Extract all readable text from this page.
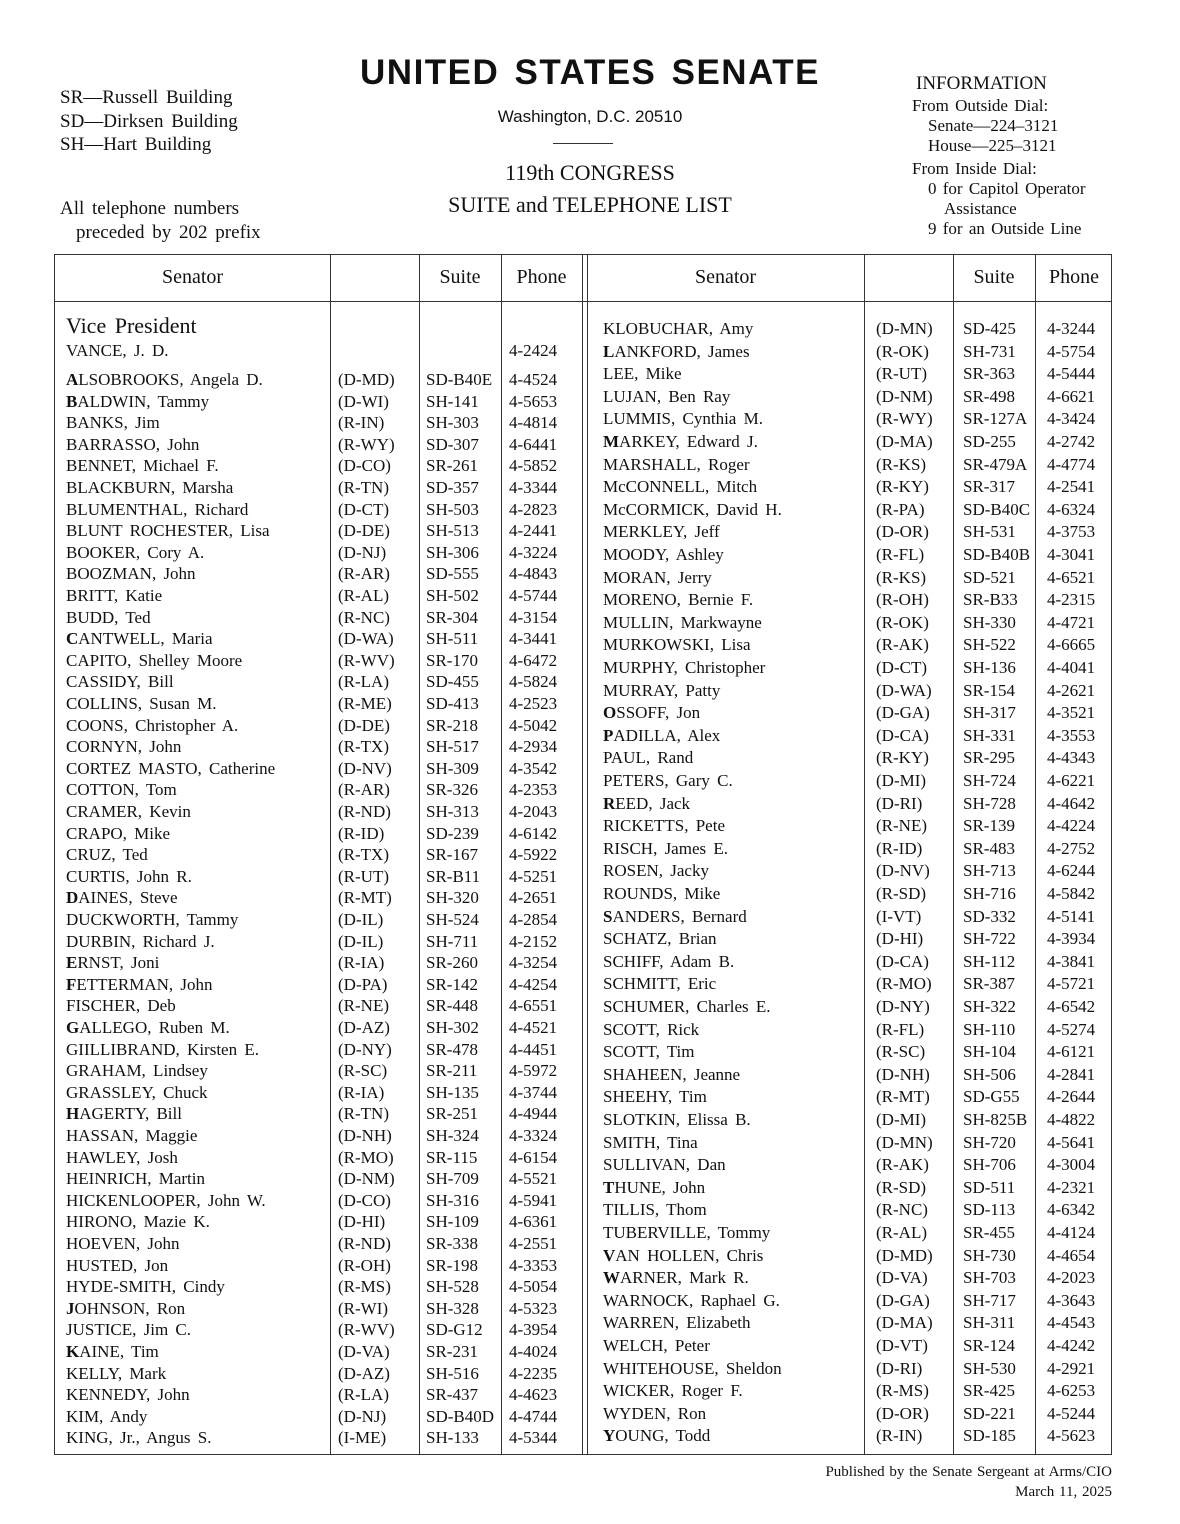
SR—Russell Building
SD—Dirksen Building
SH—Hart Building
All telephone numbers
preceded by 202 prefix
UNITED STATES SENATE
Washington, D.C. 20510
119th CONGRESS
SUITE and TELEPHONE LIST
INFORMATION
From Outside Dial:
Senate—224–3121
House—225–3121
From Inside Dial:
0 for Capitol Operator
Assistance
9 for an Outside Line
Senator	Suite	Phone	Senator	Suite	Phone
Vice President
VANCE, J. D.	4-2424
ALSOBROOKS, Angela D.	(D-MD) SD-B40E 4-4524
BALDWIN, Tammy	(D-WI) SH-141 4-5653
BANKS, Jim	(R-IN) SH-303 4-4814
BARRASSO, John	(R-WY) SD-307 4-6441
BENNET, Michael F.	(D-CO) SR-261 4-5852
BLACKBURN, Marsha	(R-TN) SD-357 4-3344
BLUMENTHAL, Richard	(D-CT) SH-503 4-2823
BLUNT ROCHESTER, Lisa	(D-DE) SH-513 4-2441
BOOKER, Cory A.	(D-NJ) SH-306 4-3224
BOOZMAN, John	(R-AR) SD-555 4-4843
BRITT, Katie	(R-AL) SH-502 4-5744
BUDD, Ted	(R-NC) SR-304 4-3154
CANTWELL, Maria	(D-WA) SH-511 4-3441
CAPITO, Shelley Moore	(R-WV) SR-170 4-6472
CASSIDY, Bill	(R-LA) SD-455 4-5824
COLLINS, Susan M.	(R-ME) SD-413 4-2523
COONS, Christopher A.	(D-DE) SR-218 4-5042
CORNYN, John	(R-TX) SH-517 4-2934
CORTEZ MASTO, Catherine	(D-NV) SH-309 4-3542
COTTON, Tom	(R-AR) SR-326 4-2353
CRAMER, Kevin	(R-ND) SH-313 4-2043
CRAPO, Mike	(R-ID) SD-239 4-6142
CRUZ, Ted	(R-TX) SR-167 4-5922
CURTIS, John R.	(R-UT) SR-B11 4-5251
DAINES, Steve	(R-MT) SH-320 4-2651
DUCKWORTH, Tammy	(D-IL)	SH-524 4-2854
DURBIN, Richard J.	(D-IL)	SH-711 4-2152
ERNST, Joni	(R-IA) SR-260 4-3254
FETTERMAN, John	(D-PA) SR-142 4-4254
FISCHER, Deb	(R-NE) SR-448 4-6551
GALLEGO, Ruben M.	(D-AZ) SH-302 4-4521
GIILLIBRAND, Kirsten E.	(D-NY) SR-478 4-4451
GRAHAM, Lindsey	(R-SC) SR-211 4-5972
GRASSLEY, Chuck	(R-IA) SH-135 4-3744
HAGERTY, Bill	(R-TN) SR-251 4-4944
HASSAN, Maggie	(D-NH) SH-324 4-3324
HAWLEY, Josh	(R-MO) SR-115 4-6154
HEINRICH, Martin	(D-NM) SH-709 4-5521
HICKENLOOPER, John W.	(D-CO) SH-316 4-5941
HIRONO, Mazie K.	(D-HI) SH-109 4-6361
HOEVEN, John	(R-ND) SR-338 4-2551
HUSTED, Jon	(R-OH) SR-198 4-3353
HYDE-SMITH, Cindy	(R-MS) SH-528 4-5054
JOHNSON, Ron	(R-WI) SH-328 4-5323
JUSTICE, Jim C.	(R-WV) SD-G12 4-3954
KAINE, Tim	(D-VA) SR-231 4-4024
KELLY, Mark	(D-AZ) SH-516 4-2235
KENNEDY, John	(R-LA) SR-437 4-4623
KIM, Andy	(D-NJ) SD-B40D 4-4744
KING, Jr., Angus S.	(I-ME) SH-133 4-5344
KLOBUCHAR, Amy	(D-MN) SD-425 4-3244
LANKFORD, James	(R-OK) SH-731 4-5754
LEE, Mike	(R-UT) SR-363 4-5444
LUJAN, Ben Ray	(D-NM) SR-498 4-6621
LUMMIS, Cynthia M.	(R-WY) SR-127A 4-3424
MARKEY, Edward J.	(D-MA) SD-255 4-2742
MARSHALL, Roger	(R-KS) SR-479A 4-4774
McCONNELL, Mitch	(R-KY) SR-317 4-2541
McCORMICK, David H.	(R-PA) SD-B40C 4-6324
MERKLEY, Jeff	(D-OR) SH-531 4-3753
MOODY, Ashley	(R-FL) SD-B40B 4-3041
MORAN, Jerry	(R-KS) SD-521 4-6521
MORENO, Bernie F.	(R-OH) SR-B33 4-2315
MULLIN, Markwayne	(R-OK) SH-330 4-4721
MURKOWSKI, Lisa	(R-AK) SH-522 4-6665
MURPHY, Christopher	(D-CT) SH-136 4-4041
MURRAY, Patty	(D-WA) SR-154 4-2621
OSSOFF, Jon	(D-GA) SH-317 4-3521
PADILLA, Alex	(D-CA) SH-331 4-3553
PAUL, Rand	(R-KY) SR-295 4-4343
PETERS, Gary C.	(D-MI) SH-724 4-6221
REED, Jack	(D-RI) SH-728 4-4642
RICKETTS, Pete	(R-NE) SR-139 4-4224
RISCH, James E.	(R-ID) SR-483 4-2752
ROSEN, Jacky	(D-NV) SH-713 4-6244
ROUNDS, Mike	(R-SD) SH-716 4-5842
SANDERS, Bernard	(I-VT) SD-332 4-5141
SCHATZ, Brian	(D-HI) SH-722 4-3934
SCHIFF, Adam B.	(D-CA) SH-112 4-3841
SCHMITT, Eric	(R-MO) SR-387 4-5721
SCHUMER, Charles E.	(D-NY) SH-322 4-6542
SCOTT, Rick	(R-FL) SH-110 4-5274
SCOTT, Tim	(R-SC) SH-104 4-6121
SHAHEEN, Jeanne	(D-NH) SH-506 4-2841
SHEEHY, Tim	(R-MT) SD-G55 4-2644
SLOTKIN, Elissa B.	(D-MI) SH-825B 4-4822
SMITH, Tina	(D-MN) SH-720 4-5641
SULLIVAN, Dan	(R-AK) SH-706 4-3004
THUNE, John	(R-SD) SD-511 4-2321
TILLIS, Thom	(R-NC) SD-113 4-6342
TUBERVILLE, Tommy	(R-AL) SR-455 4-4124
VAN HOLLEN, Chris	(D-MD) SH-730 4-4654
WARNER, Mark R.	(D-VA) SH-703 4-2023
WARNOCK, Raphael G.	(D-GA) SH-717 4-3643
WARREN, Elizabeth	(D-MA) SH-311 4-4543
WELCH, Peter	(D-VT) SR-124 4-4242
WHITEHOUSE, Sheldon	(D-RI) SH-530 4-2921
WICKER, Roger F.	(R-MS) SR-425 4-6253
WYDEN, Ron	(D-OR) SD-221 4-5244
YOUNG, Todd	(R-IN) SD-185 4-5623
Published by the Senate Sergeant at Arms/CIO
March 11, 2025
